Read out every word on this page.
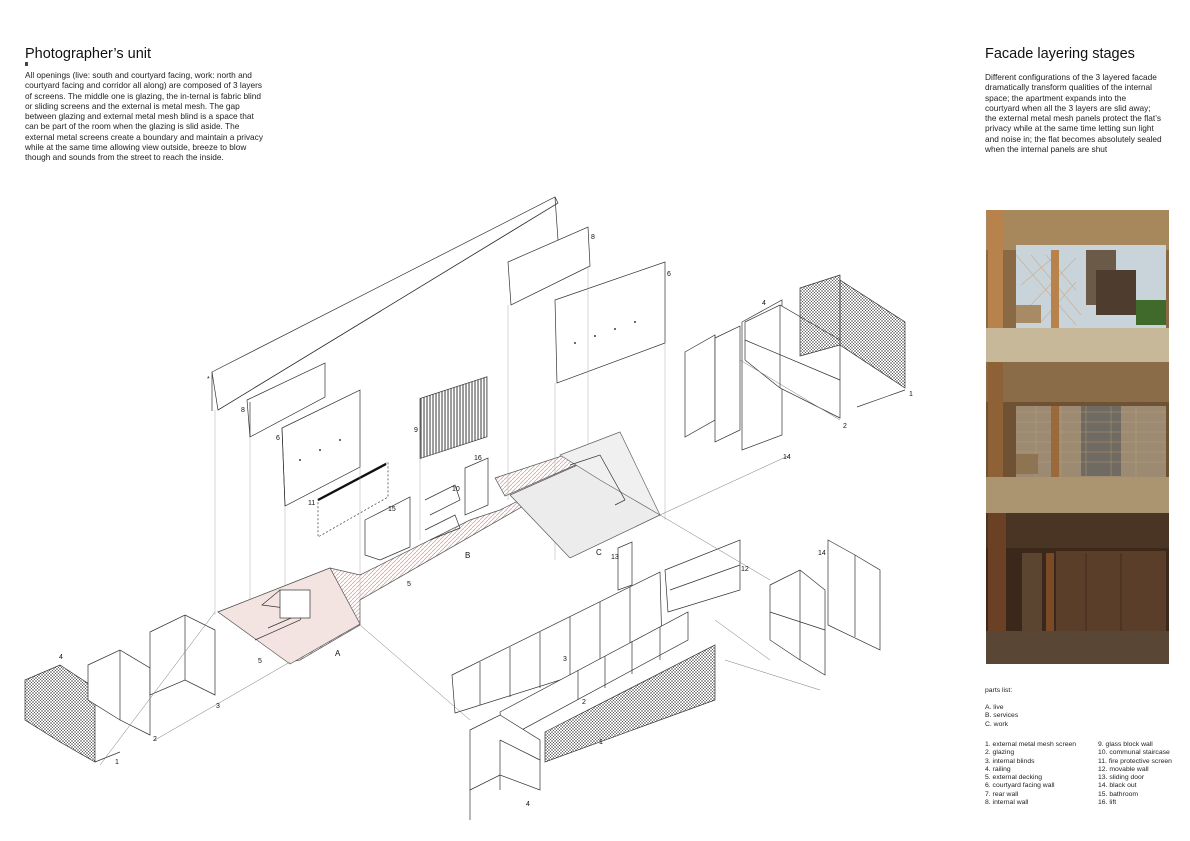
Photographer’s unit

All openings (live: south and courtyard facing, work: north and courtyard facing and corridor all along) are composed of 3 layers of screens. The middle one is glazing, the in-ternal is fabric blind or sliding screens and the external is metal mesh. The gap between glazing and external metal mesh blind is a space that can be part of the room when the glazing is slid aside. The external metal screens create a boundary and maintain a privacy while at the same time allowing view outside, breeze to blow though and sounds from the street to reach the inside.

Facade layering stages

Different configurations of the 3 layered facade dramatically transform qualities of the internal space; the apartment expands into the courtyard when all the 3 layers are slid away; the external metal mesh panels protect the flat’s privacy while at the same time letting sun light and noise in; the flat becomes absolutely sealed when the internal panels are shut

*
8
6
9
8
6
4
1
2
14
16
10
11
15
B	C
13
14
12
5
A
5	3
4
3
2
2	1
1
4
parts list:
A. live
B. services
C. work
1. external metal mesh screen
2. glazing
3. internal blinds
4. railing
5. external decking
6. courtyard facing wall
7. rear wall
8. internal wall
9. glass block wall
10. communal staircase
11. fire protective screen
12. movable wall
13. sliding door
14. black out
15. bathroom
16. lift
